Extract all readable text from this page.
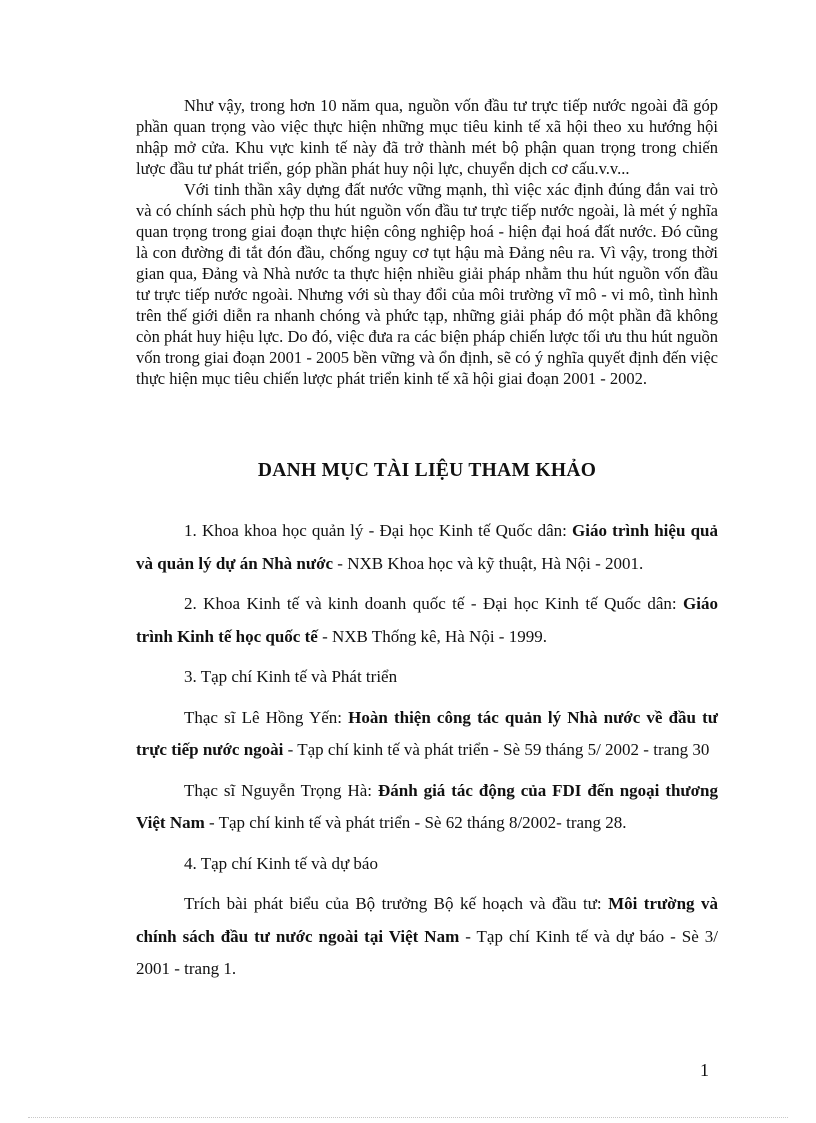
Như vậy, trong hơn 10 năm qua, nguồn vốn đầu tư trực tiếp nước ngoài đã góp phần quan trọng vào việc thực hiện những mục tiêu kinh tế xã hội theo xu hướng hội nhập mở cửa. Khu vực kinh tế này đã trở thành mét bộ phận quan trọng trong chiến lược đầu tư phát triển, góp phần phát huy nội lực, chuyển dịch cơ cấu.v.v...

Với tinh thần xây dựng đất nước vững mạnh, thì việc xác định đúng đắn vai trò và có chính sách phù hợp thu hút nguồn vốn đầu tư trực tiếp nước ngoài, là mét ý nghĩa quan trọng trong giai đoạn thực hiện công nghiệp hoá - hiện đại hoá đất nước. Đó cũng là con đường đi tắt đón đầu, chống nguy cơ tụt hậu mà Đảng nêu ra. Vì vậy, trong thời gian qua, Đảng và Nhà nước ta thực hiện nhiều giải pháp nhằm thu hút nguồn vốn đầu tư trực tiếp nước ngoài. Nhưng với sù thay đổi của môi trường vĩ mô - vi mô, tình hình trên thế giới diễn ra nhanh chóng và phức tạp, những giải pháp đó một phần đã không còn phát huy hiệu lực. Do đó, việc đưa ra các biện pháp chiến lược tối ưu thu hút nguồn vốn trong giai đoạn 2001 - 2005 bền vững và ổn định, sẽ có ý nghĩa quyết định đến việc thực hiện mục tiêu chiến lược phát triển kinh tế xã hội giai đoạn 2001 - 2002.

DANH MỤC TÀI LIỆU THAM KHẢO

1. Khoa khoa học quản lý - Đại học Kinh tế Quốc dân: Giáo trình hiệu quả và quản lý dự án Nhà nước - NXB Khoa học và kỹ thuật, Hà Nội - 2001.

2. Khoa Kinh tế và kinh doanh quốc tế - Đại học Kinh tế Quốc dân: Giáo trình Kinh tế học quốc tế - NXB Thống kê, Hà Nội - 1999.

3. Tạp chí Kinh tế và Phát triển

Thạc sĩ Lê Hồng Yến: Hoàn thiện công tác quản lý Nhà nước về đầu tư trực tiếp nước ngoài - Tạp chí kinh tế và phát triển - Sè 59 tháng 5/ 2002 - trang 30

Thạc sĩ Nguyễn Trọng Hà: Đánh giá tác động của FDI đến ngoại thương Việt Nam - Tạp chí kinh tế và phát triển - Sè 62 tháng 8/2002- trang 28.

4. Tạp chí Kinh tế và dự báo

Trích bài phát biểu của Bộ trưởng Bộ kế hoạch và đầu tư: Môi trường và chính sách đầu tư nước ngoài tại Việt Nam - Tạp chí Kinh tế và dự báo - Sè 3/ 2001 - trang 1.

1
